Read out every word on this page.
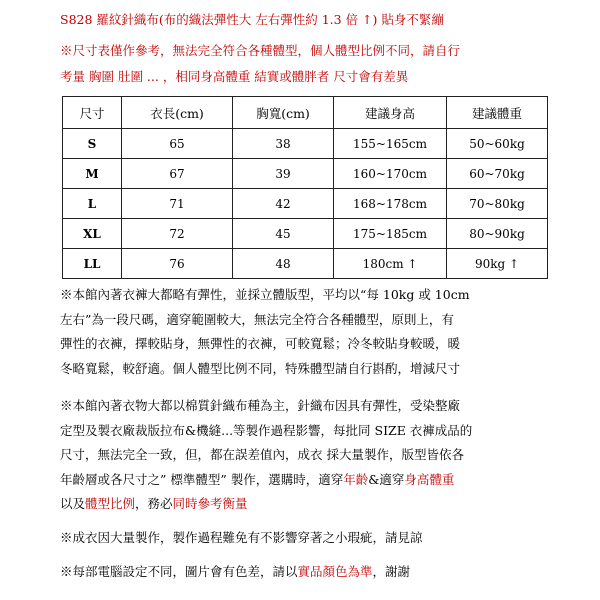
S828 羅紋針織布(布的織法彈性大 左右彈性約 1.3 倍 ↑) 貼身不緊繃
※尺寸表僅作參考，無法完全符合各種體型，個人體型比例不同，請自行
考量 胸圍 肚圍 ... ，相同身高體重 結實或體胖者 尺寸會有差異
尺寸	衣長(cm)	胸寬(cm)	建議身高	建議體重
S	65	38	155~165cm	50~60kg
M	67	39	160~170cm	60~70kg
L	71	42	168~178cm	70~80kg
XL	72	45	175~185cm	80~90kg
LL	76	48	180cm ↑	90kg ↑
※本館內著衣褲大都略有彈性，並採立體版型，平均以“每 10kg 或 10cm
左右”為一段尺碼，適穿範圍較大，無法完全符合各種體型，原則上，有
彈性的衣褲，擇較貼身，無彈性的衣褲，可較寬鬆；冷冬較貼身較暖，暖
冬略寬鬆，較舒適。個人體型比例不同，特殊體型請自行斟酌，增減尺寸
※本館內著衣物大都以棉質針織布種為主，針織布因具有彈性，受染整廠
定型及製衣廠裁版拉布&機縫...等製作過程影響，每批同 SIZE 衣褲成品的
尺寸，無法完全一致，但，都在誤差值內，成衣 採大量製作，版型皆依各
年齡層或各尺寸之” 標準體型” 製作，選購時，適穿年齡&適穿身高體重
以及體型比例，務必同時參考衡量
※成衣因大量製作，製作過程難免有不影響穿著之小瑕疵，請見諒
※每部電腦設定不同，圖片會有色差，請以實品顏色為準，謝謝
